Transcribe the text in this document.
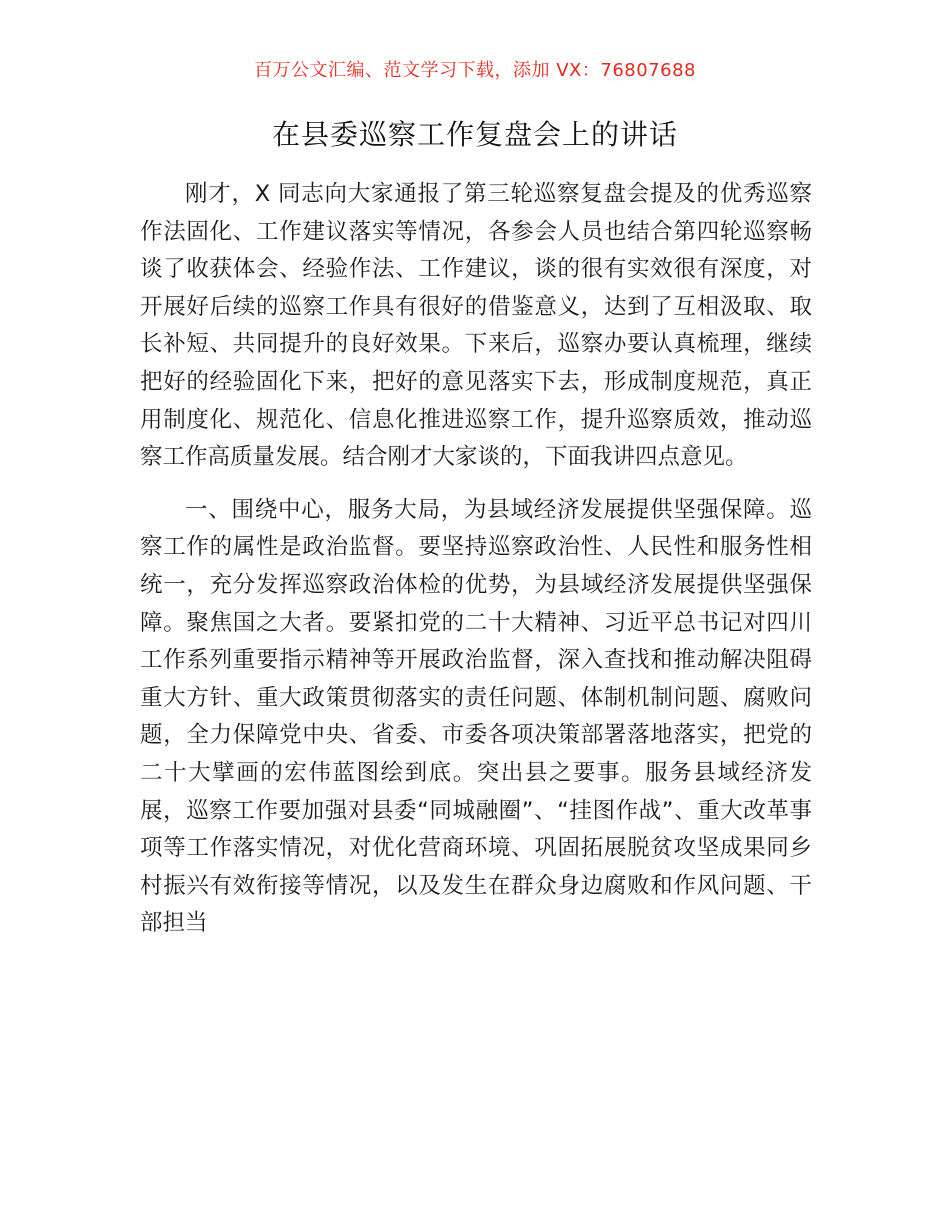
百万公文汇编、范文学习下载，添加 VX：76807688
在县委巡察工作复盘会上的讲话

刚才，X 同志向大家通报了第三轮巡察复盘会提及的优秀巡察作法固化、工作建议落实等情况，各参会人员也结合第四轮巡察畅谈了收获体会、经验作法、工作建议，谈的很有实效很有深度，对开展好后续的巡察工作具有很好的借鉴意义，达到了互相汲取、取长补短、共同提升的良好效果。下来后，巡察办要认真梳理，继续把好的经验固化下来，把好的意见落实下去，形成制度规范，真正用制度化、规范化、信息化推进巡察工作，提升巡察质效，推动巡察工作高质量发展。结合刚才大家谈的，下面我讲四点意见。

一、围绕中心，服务大局，为县域经济发展提供坚强保障。巡察工作的属性是政治监督。要坚持巡察政治性、人民性和服务性相统一，充分发挥巡察政治体检的优势，为县域经济发展提供坚强保障。聚焦国之大者。要紧扣党的二十大精神、习近平总书记对四川工作系列重要指示精神等开展政治监督，深入查找和推动解决阻碍重大方针、重大政策贯彻落实的责任问题、体制机制问题、腐败问题，全力保障党中央、省委、市委各项决策部署落地落实，把党的二十大擘画的宏伟蓝图绘到底。突出县之要事。服务县域经济发展，巡察工作要加强对县委“同城融圈”、“挂图作战”、重大改革事项等工作落实情况，对优化营商环境、巩固拓展脱贫攻坚成果同乡村振兴有效衔接等情况，以及发生在群众身边腐败和作风问题、干部担当
